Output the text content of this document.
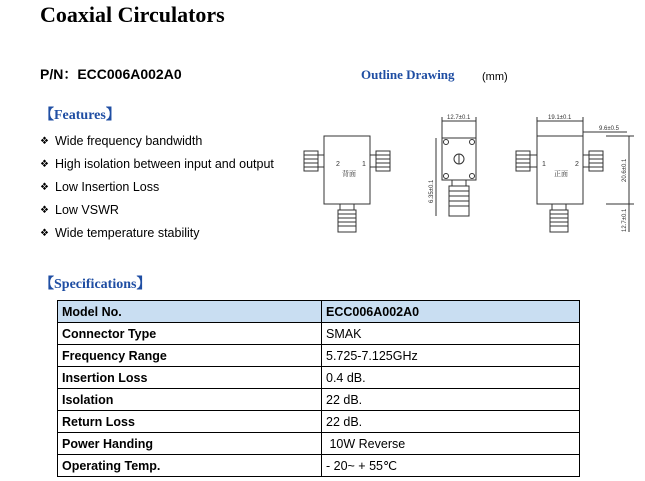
Coaxial Circulators
P/N：ECC006A002A0	Outline Drawing (mm)
【Features】
❖ Wide frequency bandwidth
❖ High isolation between input and output
❖ Low Insertion Loss
❖ Low VSWR
❖ Wide temperature stability
2	1
背面
12.7±0.1
6.35±0.1
19.1±0.1
9.6±0.5
1	2
正面	20.6±0.1
12.7±0.1
【Specifications】
Model No.	ECC006A002A0
Connector Type	SMAK
Frequency Range	5.725-7.125GHz
Insertion Loss	0.4 dB.
Isolation	22 dB.
Return Loss	22 dB.
Power Handing	10W Reverse
Operating Temp.	- 20~ + 55℃
